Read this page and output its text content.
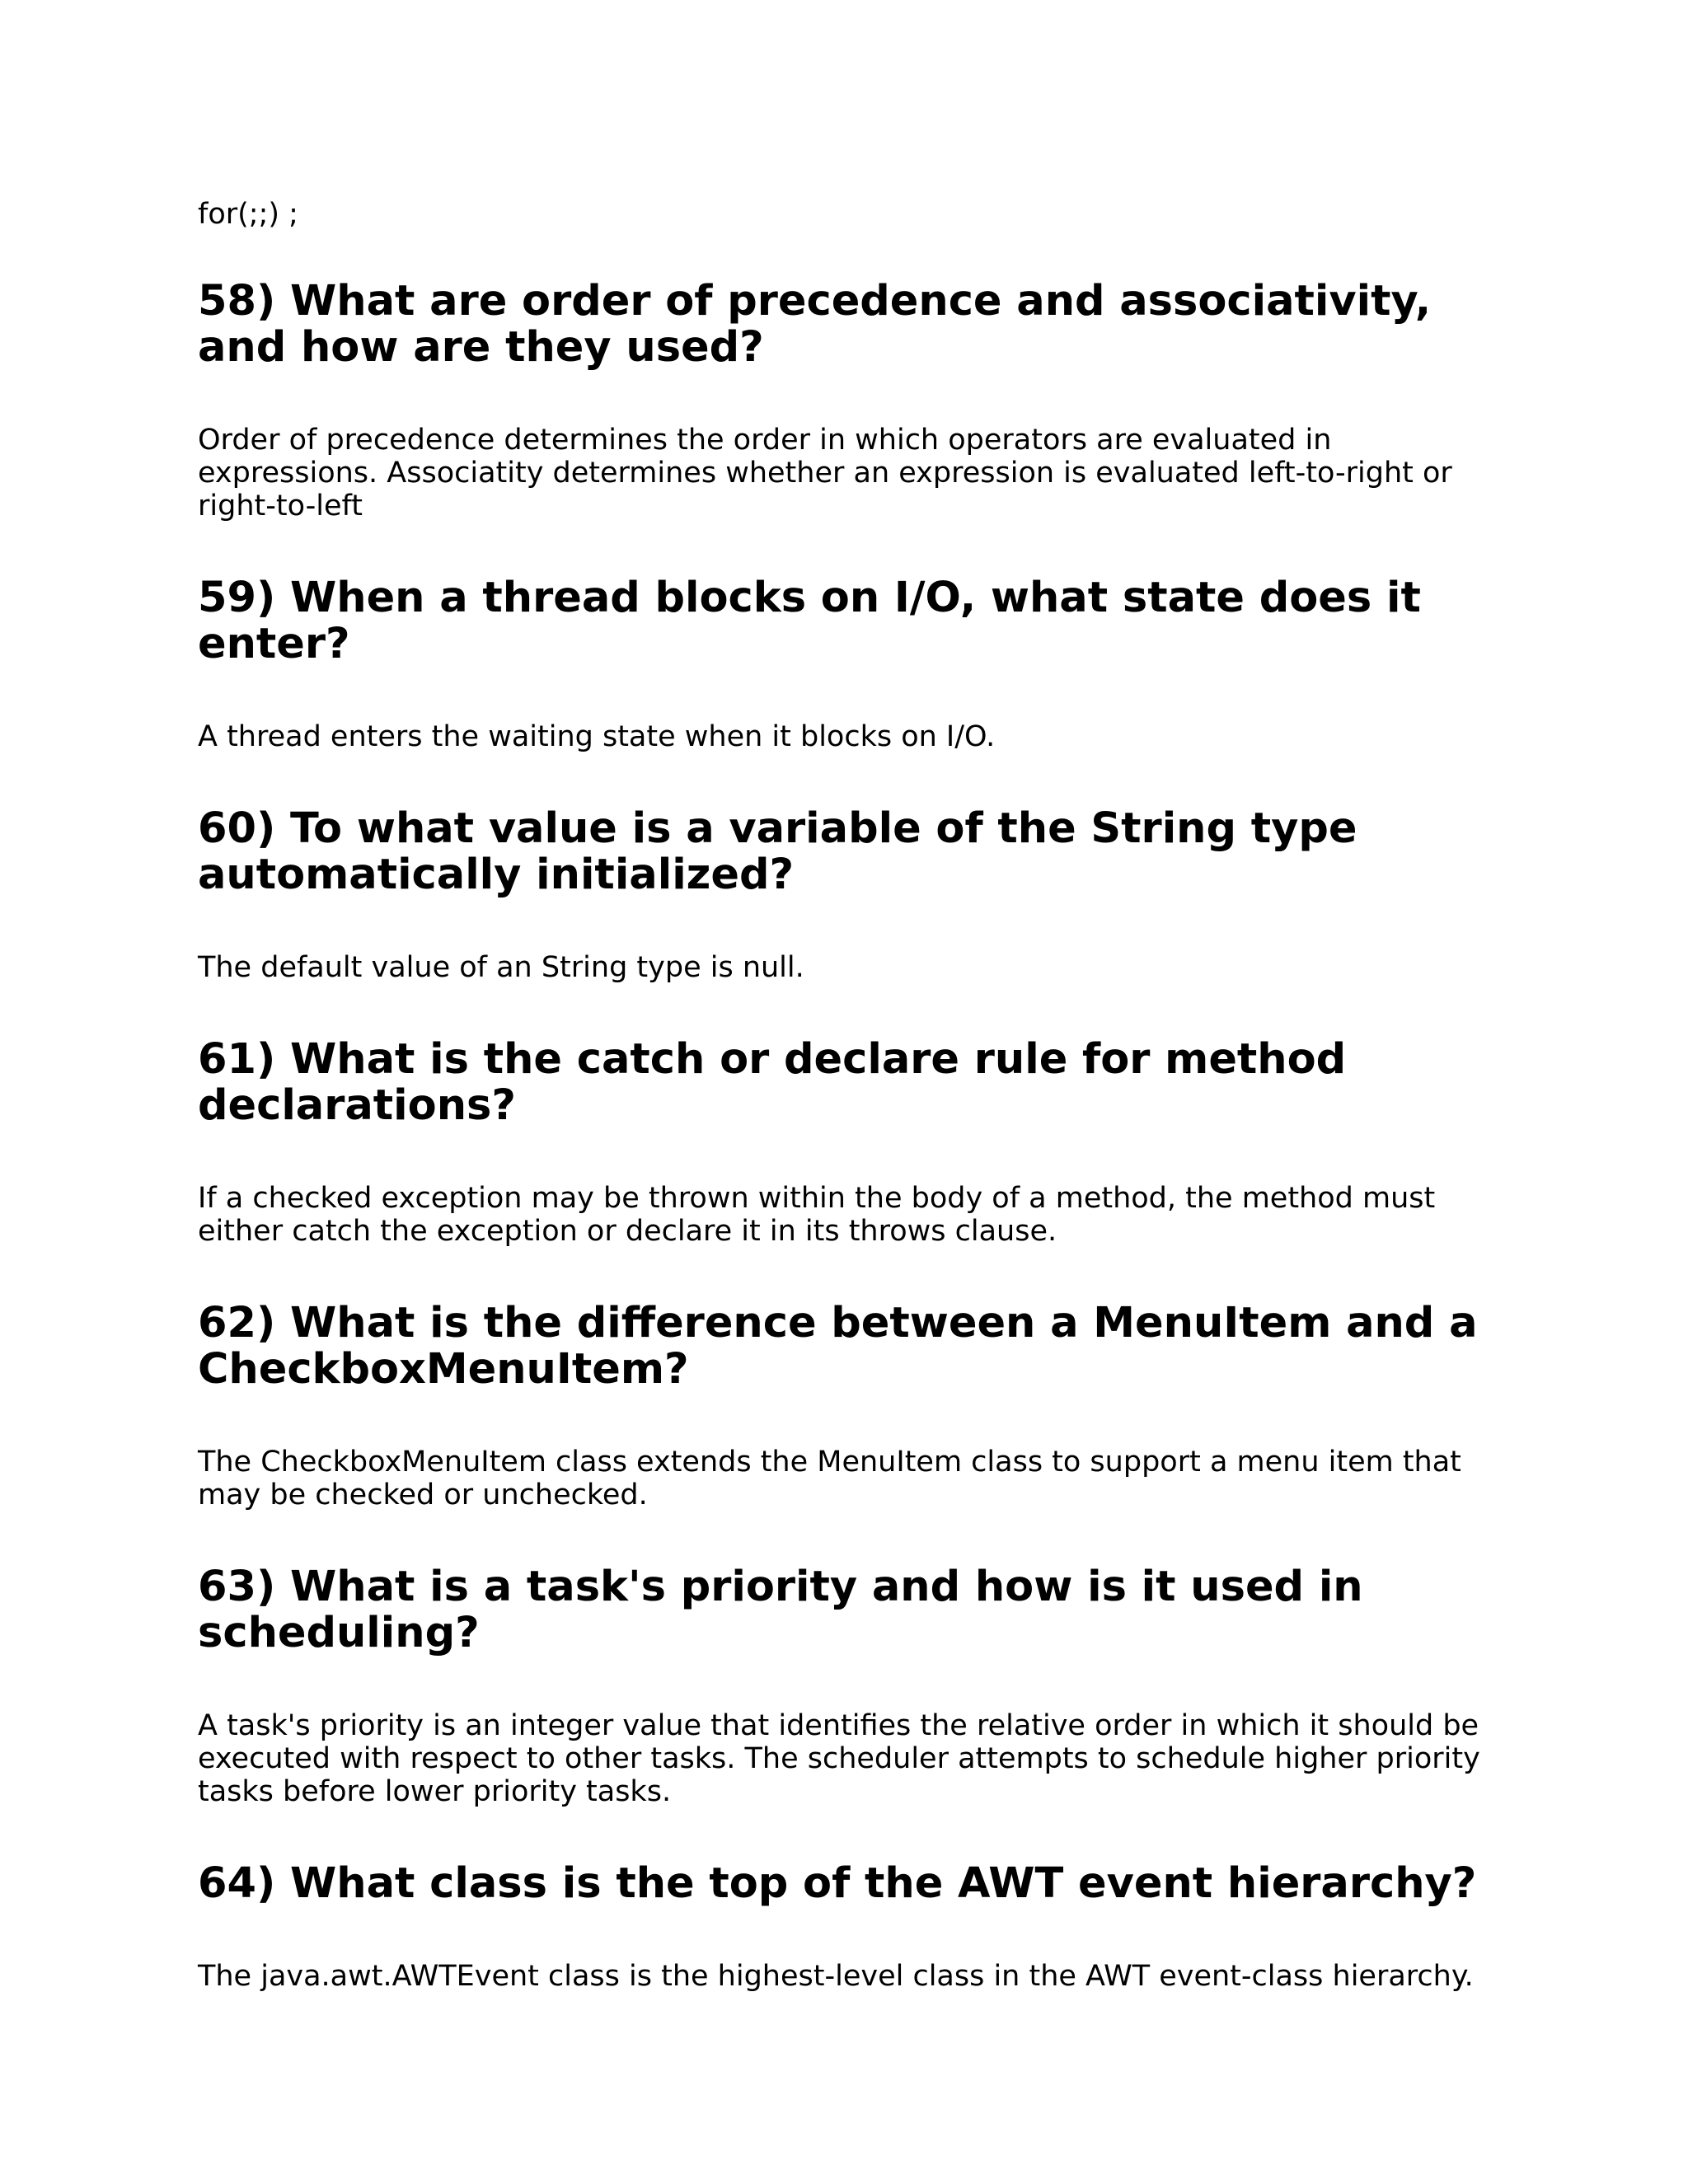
for(;;) ;
58) What are order of precedence and associativity, and how are they used?
Order of precedence determines the order in which operators are evaluated in expressions. Associatity determines whether an expression is evaluated left-to-right or right-to-left
59) When a thread blocks on I/O, what state does it enter?
A thread enters the waiting state when it blocks on I/O.
60) To what value is a variable of the String type automatically initialized?
The default value of an String type is null.
61) What is the catch or declare rule for method declarations?
If a checked exception may be thrown within the body of a method, the method must either catch the exception or declare it in its throws clause.
62) What is the difference between a MenuItem and a CheckboxMenuItem?
The CheckboxMenuItem class extends the MenuItem class to support a menu item that may be checked or unchecked.
63) What is a task's priority and how is it used in scheduling?
A task's priority is an integer value that identifies the relative order in which it should be executed with respect to other tasks. The scheduler attempts to schedule higher priority tasks before lower priority tasks.
64) What class is the top of the AWT event hierarchy?
The java.awt.AWTEvent class is the highest-level class in the AWT event-class hierarchy.
